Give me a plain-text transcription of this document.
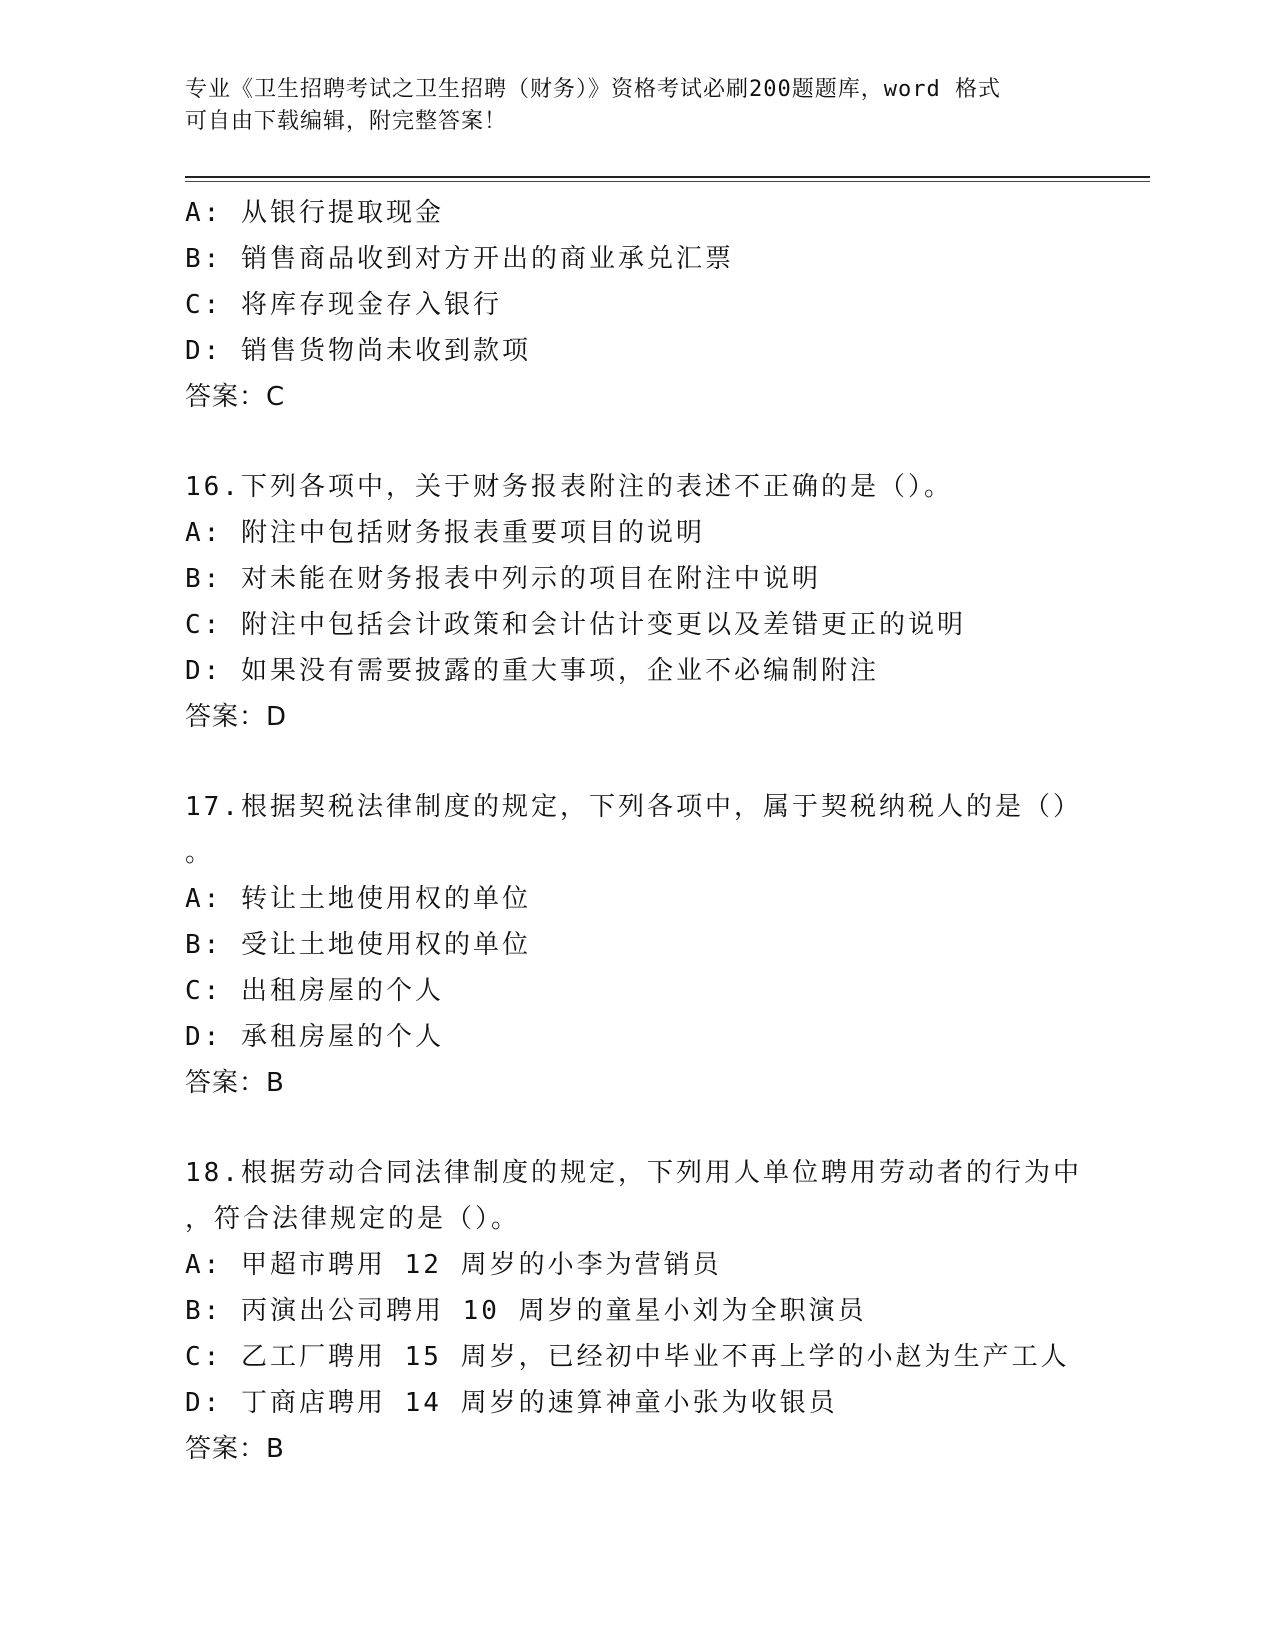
专业《卫生招聘考试之卫生招聘（财务）》资格考试必刷200题题库，word 格式
可自由下载编辑，附完整答案！
A: 从银行提取现金
B: 销售商品收到对方开出的商业承兑汇票
C: 将库存现金存入银行
D: 销售货物尚未收到款项
答案：C
16.下列各项中，关于财务报表附注的表述不正确的是（）。
A: 附注中包括财务报表重要项目的说明
B: 对未能在财务报表中列示的项目在附注中说明
C: 附注中包括会计政策和会计估计变更以及差错更正的说明
D: 如果没有需要披露的重大事项，企业不必编制附注
答案：D
17.根据契税法律制度的规定，下列各项中，属于契税纳税人的是（）
。
A: 转让土地使用权的单位
B: 受让土地使用权的单位
C: 出租房屋的个人
D: 承租房屋的个人
答案：B
18.根据劳动合同法律制度的规定，下列用人单位聘用劳动者的行为中
，符合法律规定的是（）。
A: 甲超市聘用 12 周岁的小李为营销员
B: 丙演出公司聘用 10 周岁的童星小刘为全职演员
C: 乙工厂聘用 15 周岁，已经初中毕业不再上学的小赵为生产工人
D: 丁商店聘用 14 周岁的速算神童小张为收银员
答案：B
